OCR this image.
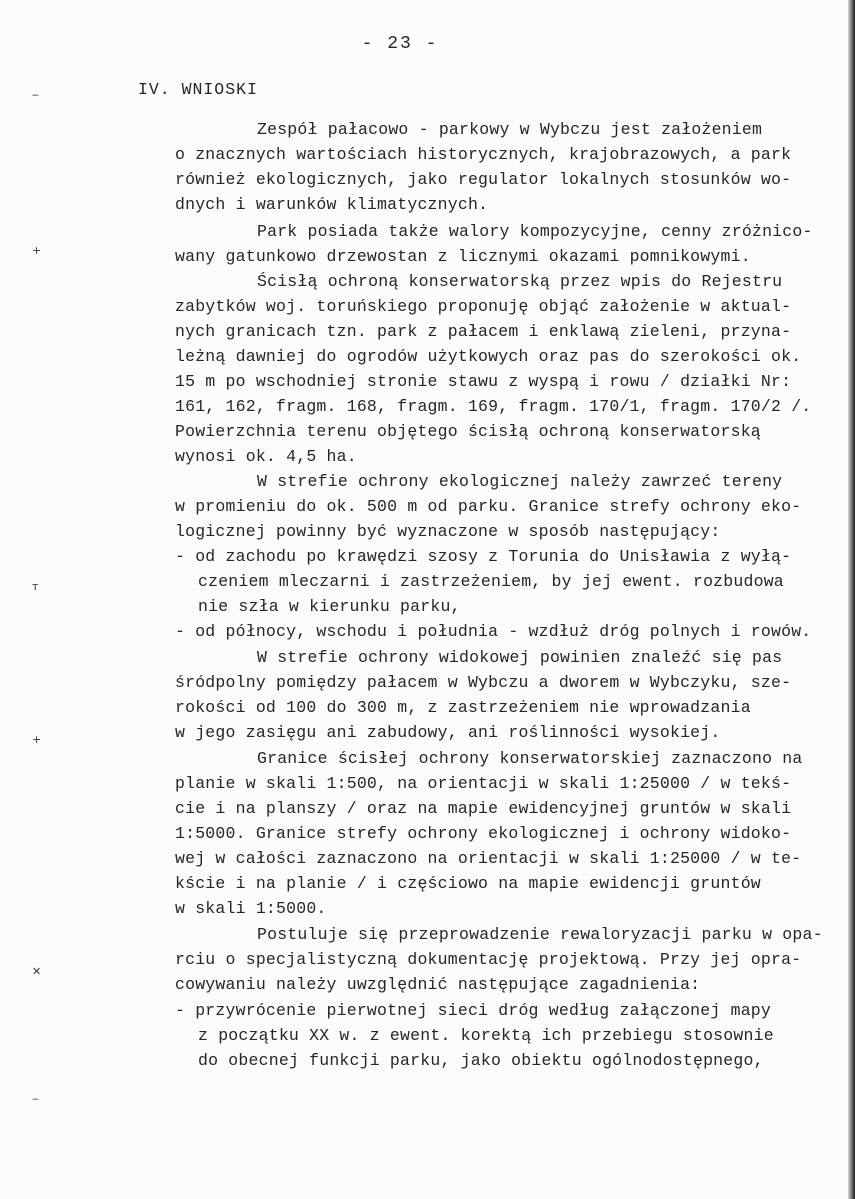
- 23 -
IV. WNIOSKI
Zespół pałacowo - parkowy w Wybczu jest założeniem
o znacznych wartościach historycznych, krajobrazowych, a park
również ekologicznych, jako regulator lokalnych stosunków wo-
dnych i warunków klimatycznych.
Park posiada także walory kompozycyjne, cenny zróżnico-
wany gatunkowo drzewostan z licznymi okazami pomnikowymi.
Ścisłą ochroną konserwatorską przez wpis do Rejestru
zabytków woj. toruńskiego proponuję objąć założenie w aktual-
nych granicach tzn. park z pałacem i enklawą zieleni, przyna-
leżną dawniej do ogrodów użytkowych oraz pas do szerokości ok.
15 m po wschodniej stronie stawu z wyspą i rowu / działki Nr:
161, 162, fragm. 168, fragm. 169, fragm. 170/1, fragm. 170/2 /.
Powierzchnia terenu objętego ścisłą ochroną konserwatorską
wynosi ok. 4,5 ha.
W strefie ochrony ekologicznej należy zawrzeć tereny
w promieniu do ok. 500 m od parku. Granice strefy ochrony eko-
logicznej powinny być wyznaczone w sposób następujący:
- od zachodu po krawędzi szosy z Torunia do Unisławia z wyłą-
czeniem mleczarni i zastrzeżeniem, by jej ewent. rozbudowa
nie szła w kierunku parku,
- od północy, wschodu i południa - wzdłuż dróg polnych i rowów.
W strefie ochrony widokowej powinien znaleźć się pas
śródpolny pomiędzy pałacem w Wybczu a dworem w Wybczyku, sze-
rokości od 100 do 300 m, z zastrzeżeniem nie wprowadzania
w jego zasięgu ani zabudowy, ani roślinności wysokiej.
Granice ścisłej ochrony konserwatorskiej zaznaczono na
planie w skali 1:500, na orientacji w skali 1:25000 / w tekś-
cie i na planszy / oraz na mapie ewidencyjnej gruntów w skali
1:5000. Granice strefy ochrony ekologicznej i ochrony widoko-
wej w całości zaznaczono na orientacji w skali 1:25000 / w te-
kście i na planie / i częściowo na mapie ewidencji gruntów
w skali 1:5000.
Postuluje się przeprowadzenie rewaloryzacji parku w opa-
rciu o specjalistyczną dokumentację projektową. Przy jej opra-
cowywaniu należy uwzględnić następujące zagadnienia:
- przywrócenie pierwotnej sieci dróg według załączonej mapy
z początku XX w. z ewent. korektą ich przebiegu stosownie
do obecnej funkcji parku, jako obiektu ogólnodostępnego,
‒
+
т
+
✕
‒
